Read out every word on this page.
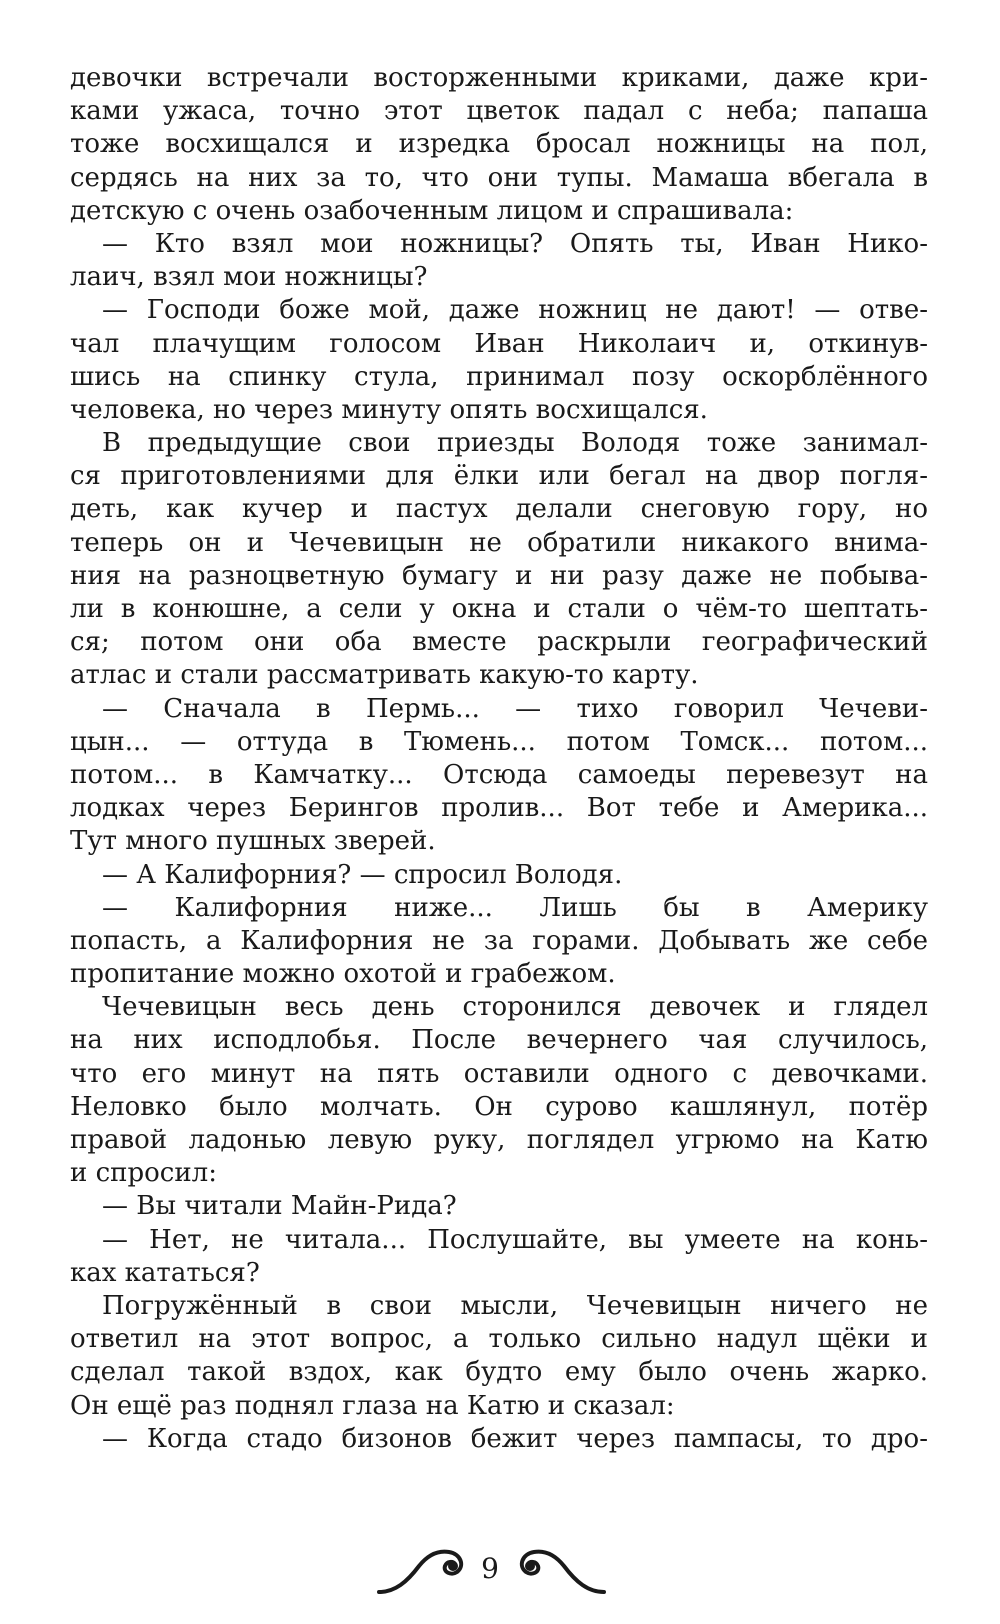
девочки встречали восторженными криками, даже кри-
ками ужаса, точно этот цветок падал с неба; папаша
тоже восхищался и изредка бросал ножницы на пол,
сердясь на них за то, что они тупы. Мамаша вбегала в
детскую с очень озабоченным лицом и спрашивала:
— Кто взял мои ножницы? Опять ты, Иван Нико-
лаич, взял мои ножницы?
— Господи боже мой, даже ножниц не дают! — отве-
чал плачущим голосом Иван Николаич и, откинув-
шись на спинку стула, принимал позу оскорблённого
человека, но через минуту опять восхищался.
В предыдущие свои приезды Володя тоже занимал-
ся приготовлениями для ёлки или бегал на двор погля-
деть, как кучер и пастух делали снеговую гору, но
теперь он и Чечевицын не обратили никакого внима-
ния на разноцветную бумагу и ни разу даже не побыва-
ли в конюшне, а сели у окна и стали о чём-то шептать-
ся; потом они оба вместе раскрыли географический
атлас и стали рассматривать какую-то карту.
— Сначала в Пермь... — тихо говорил Чечеви-
цын... — оттуда в Тюмень... потом Томск... потом...
потом... в Камчатку... Отсюда самоеды перевезут на
лодках через Берингов пролив... Вот тебе и Америка...
Тут много пушных зверей.
— А Калифорния? — спросил Володя.
— Калифорния ниже... Лишь бы в Америку
попасть, а Калифорния не за горами. Добывать же себе
пропитание можно охотой и грабежом.
Чечевицын весь день сторонился девочек и глядел
на них исподлобья. После вечернего чая случилось,
что его минут на пять оставили одного с девочками.
Неловко было молчать. Он сурово кашлянул, потёр
правой ладонью левую руку, поглядел угрюмо на Катю
и спросил:
— Вы читали Майн-Рида?
— Нет, не читала... Послушайте, вы умеете на конь-
ках кататься?
Погружённый в свои мысли, Чечевицын ничего не
ответил на этот вопрос, а только сильно надул щёки и
сделал такой вздох, как будто ему было очень жарко.
Он ещё раз поднял глаза на Катю и сказал:
— Когда стадо бизонов бежит через пампасы, то дро-
9
